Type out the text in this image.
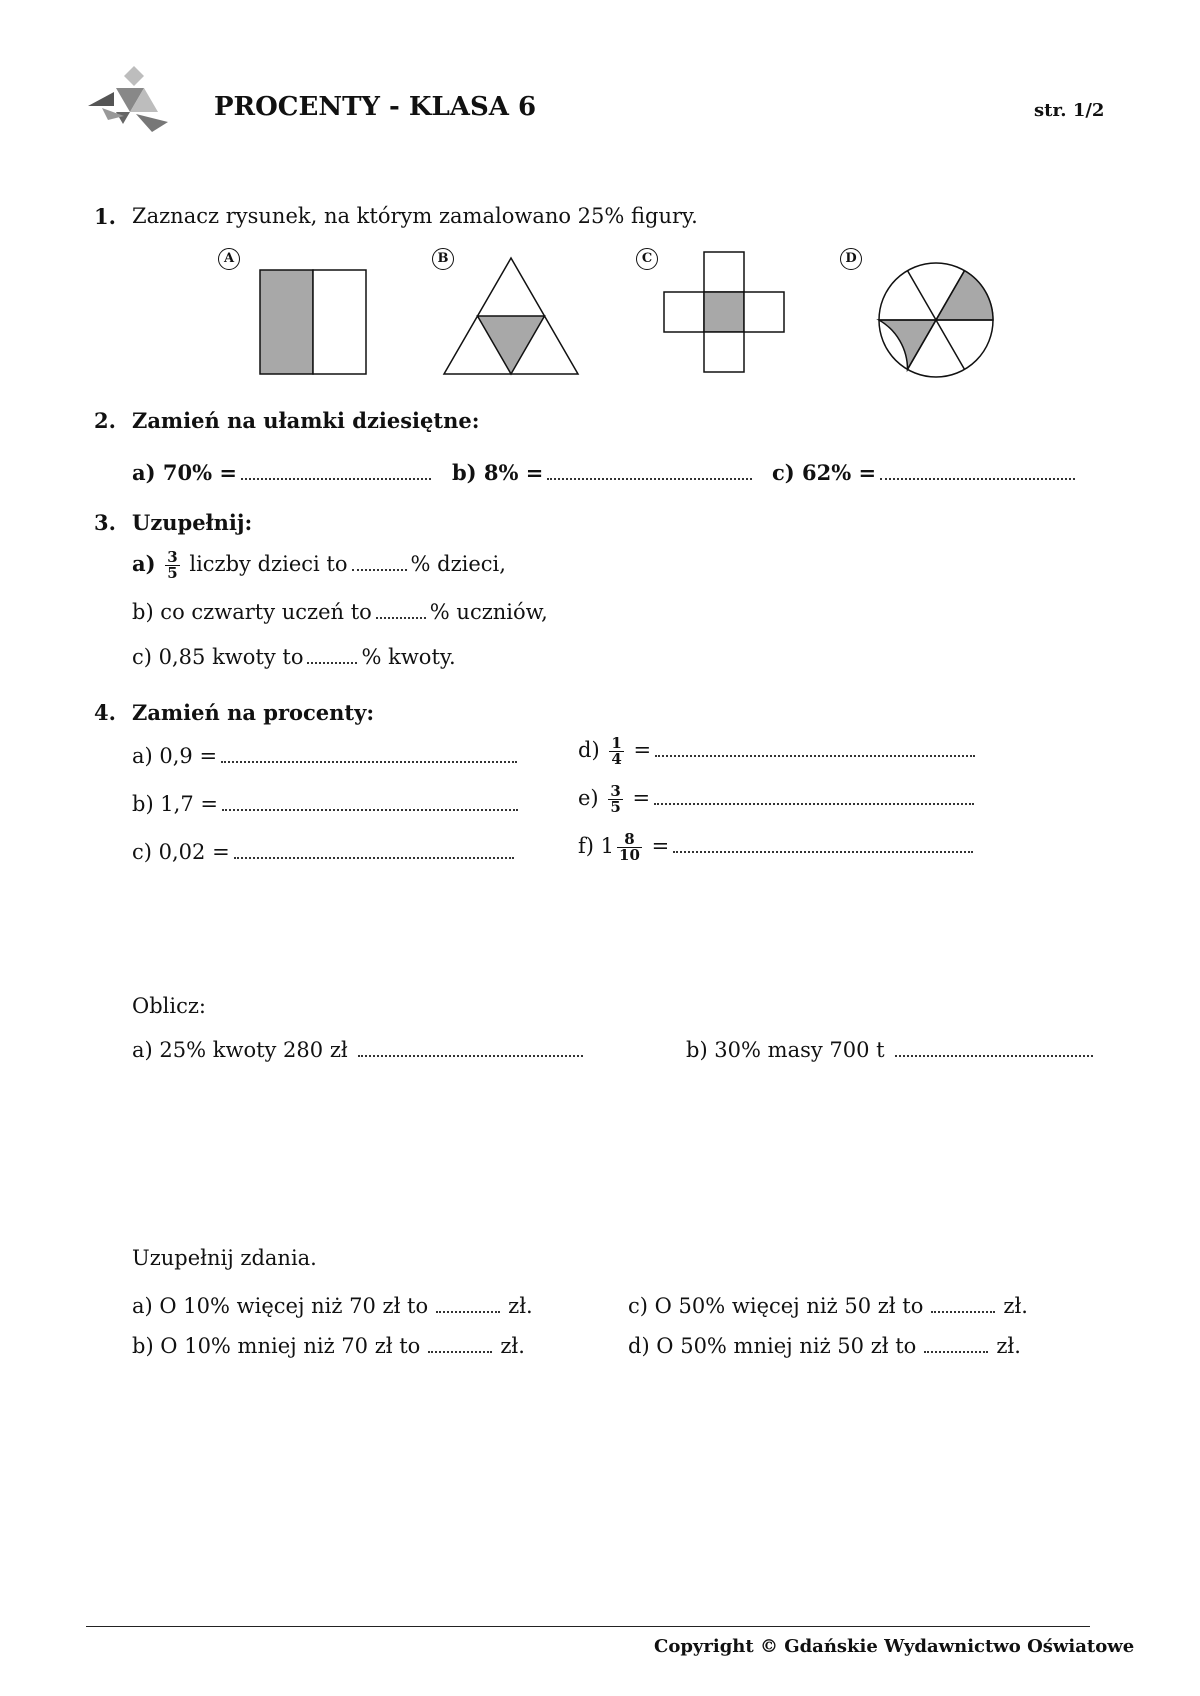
PROCENTY - KLASA 6	str. 1/2
1. Zaznacz rysunek, na którym zamalowano 25% figury.
A	B	C	D
2. Zamień na ułamki dziesiętne:
a) 70% =	b) 8% =	c) 62% =
3. Uzupełnij:
$a) \frac{3}{5}$ liczby dzieci to	% dzieci,
b) co czwarty uczeń to	% uczniów,
c) 0,85 kwoty to	% kwoty.
4. Zamień na procenty:
a) 0,9 =
b) 1,7 =
c) 0,02 =
$d) \frac{1}{4}$ =
$e) \frac{3}{5}$ =
f) $1 \frac{8}{10}$ =
Oblicz:
a) 25% kwoty 280 zł	b) 30% masy 700 t
Uzupełnij zdania.
a) O 10% więcej niż 70 zł to	zł.
b) O 10% mniej niż 70 zł to	zł.
c) O 50% więcej niż 50 zł to	zł.
d) O 50% mniej niż 50 zł to	zł.
Copyright © Gdańskie Wydawnictwo Oświatowe
